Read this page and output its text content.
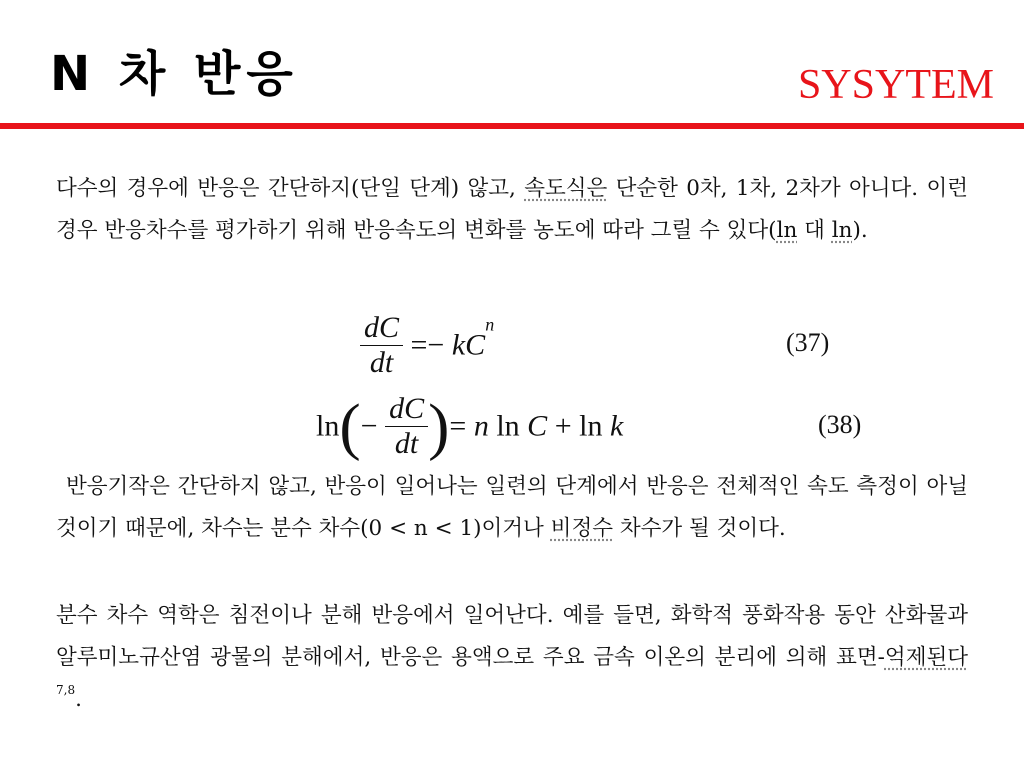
N 차 반응	SYSYTEM
다수의 경우에 반응은 간단하지(단일 단계) 않고, 속도식은 단순한 0차, 1차, 2차가 아니다. 이런 경우 반응차수를 평가하기 위해 반응속도의 변화를 농도에 따라 그릴 수 있다(ln 대 ln).
$\frac{dC}{dt} =- kC^n$
(37)
$\ln(- \frac{dC}{dt}$ )= n ln C + ln k	(38)
반응기작은 간단하지 않고, 반응이 일어나는 일련의 단계에서 반응은 전체적인 속도 측정이 아닐 것이기 때문에, 차수는 분수 차수(0 < n < 1)이거나 비정수 차수가 될 것이다.
분수 차수 역학은 침전이나 분해 반응에서 일어난다. 예를 들면, 화학적 풍화작용 동안 산화물과 알루미노규산염 광물의 분해에서, 반응은 용액으로 주요 금속 이온의 분리에 의해 표면-억제된다$^{7,8}$.
